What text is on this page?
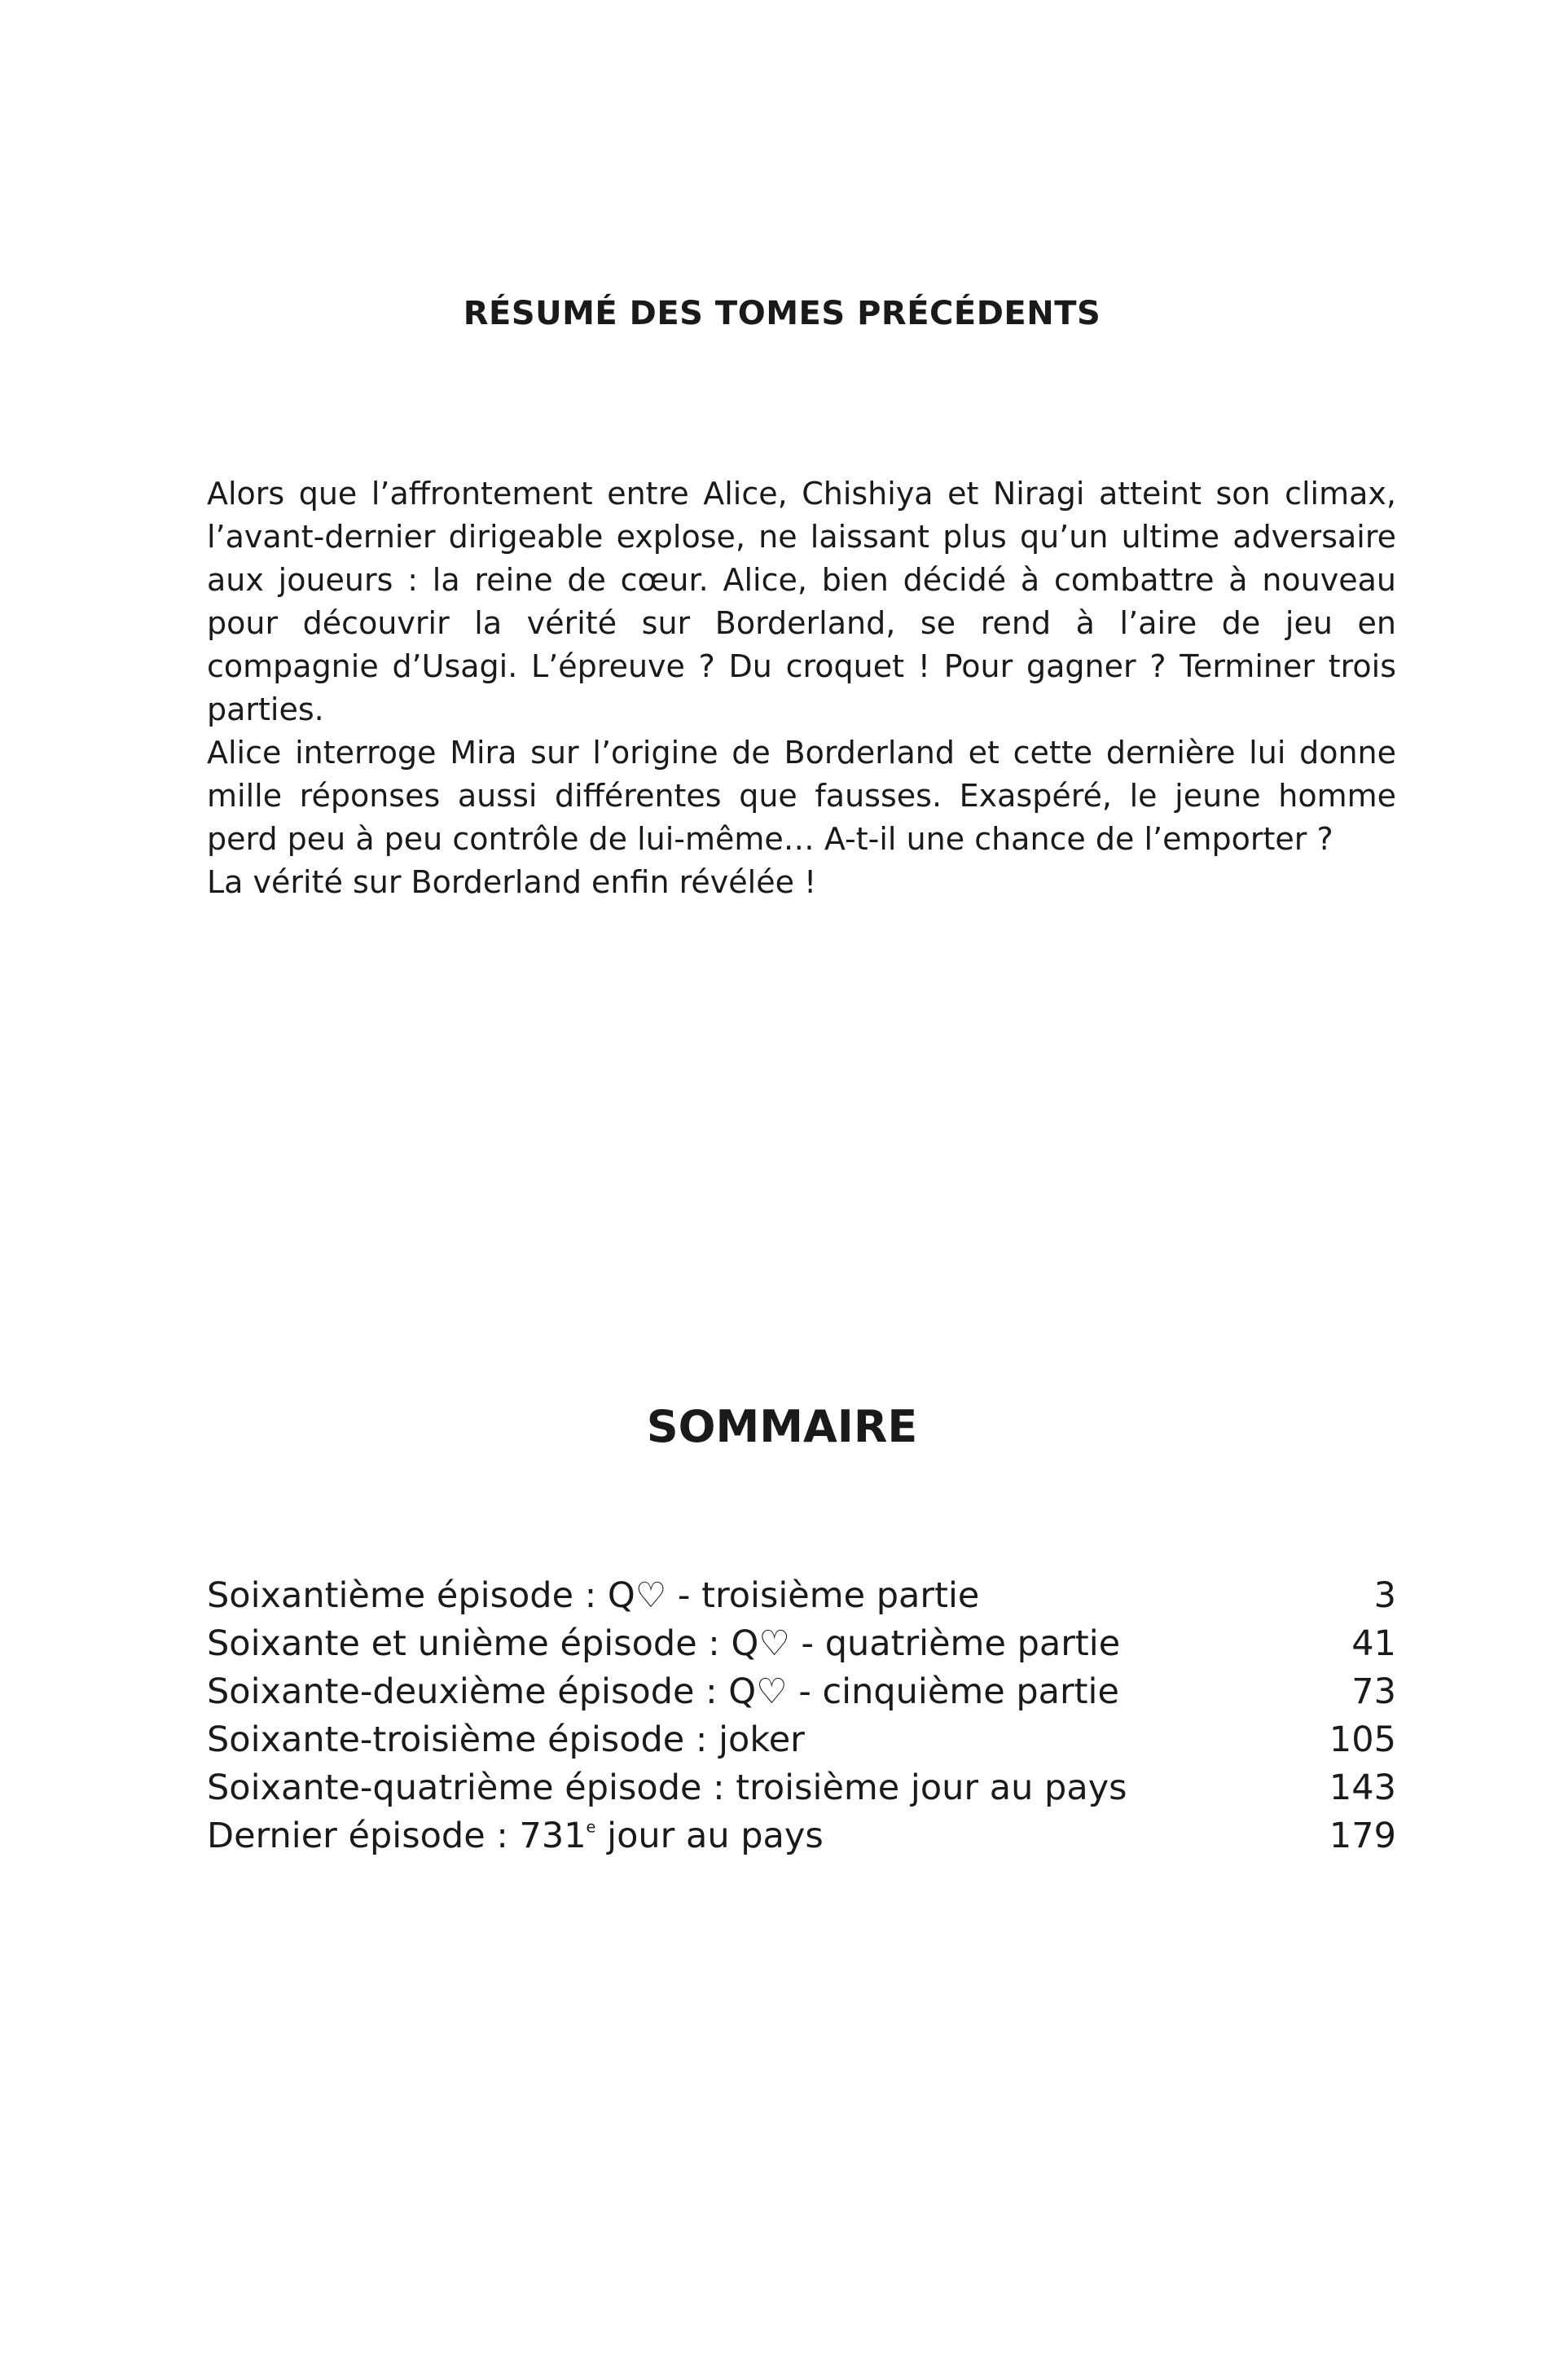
RÉSUMÉ DES TOMES PRÉCÉDENTS

Alors que l’affrontement entre Alice, Chishiya et Niragi atteint son climax, l’avant-dernier dirigeable explose, ne laissant plus qu’un ultime adversaire aux joueurs : la reine de cœur. Alice, bien décidé à combattre à nouveau pour découvrir la vérité sur Borderland, se rend à l’aire de jeu en compagnie d’Usagi. L’épreuve ? Du croquet ! Pour gagner ? Terminer trois parties.

Alice interroge Mira sur l’origine de Borderland et cette dernière lui donne mille réponses aussi différentes que fausses. Exaspéré, le jeune homme perd peu à peu contrôle de lui-même… A-t-il une chance de l’emporter ?

La vérité sur Borderland enfin révélée !

SOMMAIRE
Soixantième épisode : Q♡ - troisième partie	3
Soixante et unième épisode : Q♡ - quatrième partie	41
Soixante-deuxième épisode : Q♡ - cinquième partie	73
Soixante-troisième épisode : joker	105
Soixante-quatrième épisode : troisième jour au pays	143
Dernier épisode : 731e jour au pays	179
